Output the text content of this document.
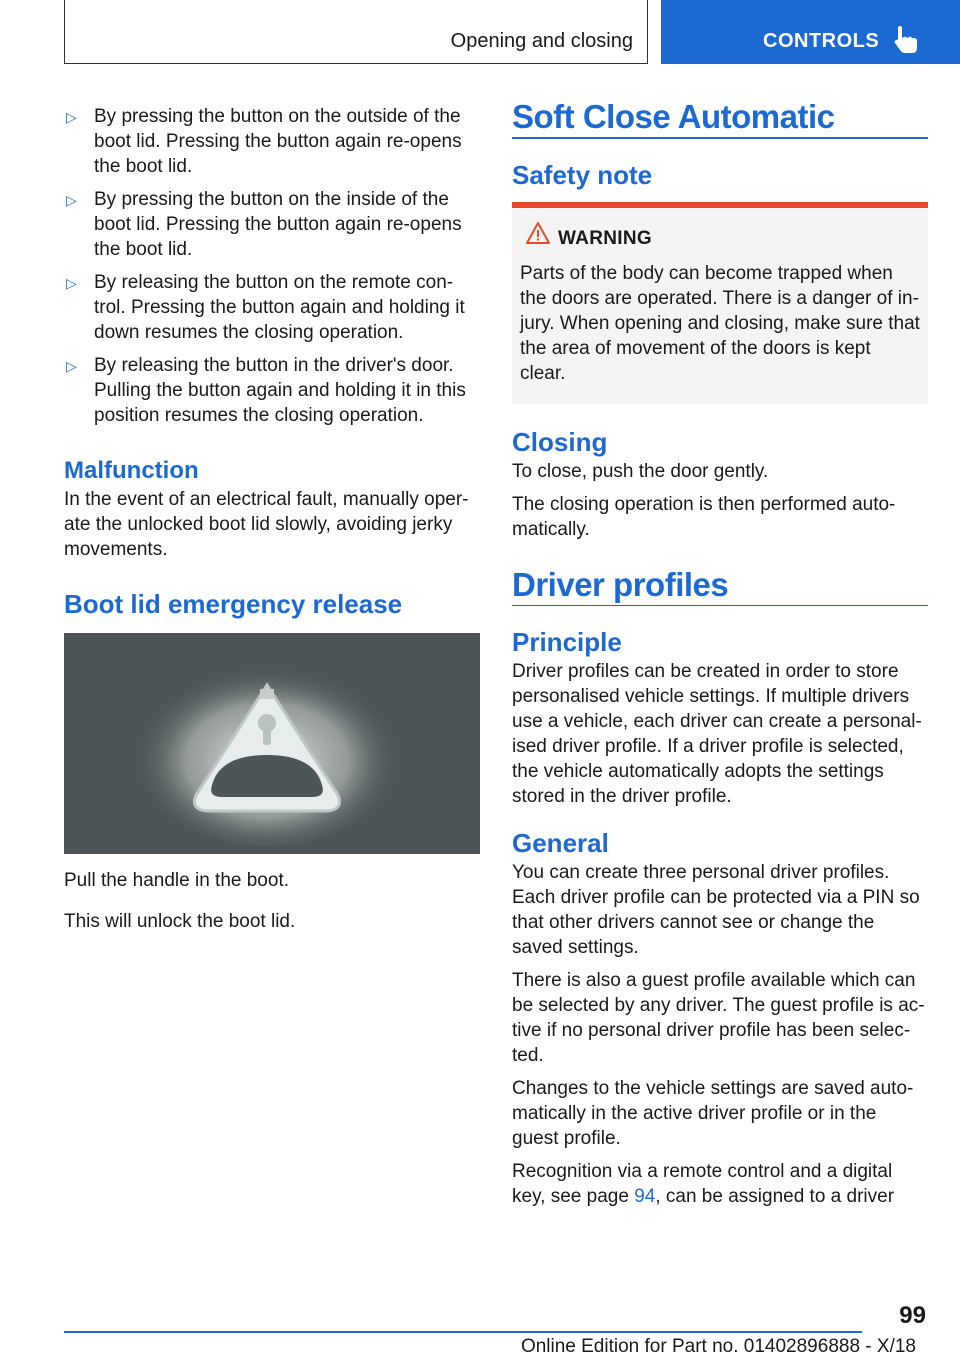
Opening and closing	CONTROLS
▷ By pressing the button on the outside of the boot lid. Pressing the button again re-opens the boot lid.
▷ By pressing the button on the inside of the boot lid. Pressing the button again re-opens the boot lid.
▷ By releasing the button on the remote con-trol. Pressing the button again and holding it down resumes the closing operation.
▷ By releasing the button in the driver's door. Pulling the button again and holding it in this position resumes the closing operation.
Malfunction

In the event of an electrical fault, manually oper-ate the unlocked boot lid slowly, avoiding jerky movements.

Boot lid emergency release

Pull the handle in the boot.

This will unlock the boot lid.

Soft Close Automatic
Safety note
WARNING

Parts of the body can become trapped when the doors are operated. There is a danger of in-jury. When opening and closing, make sure that the area of movement of the doors is kept clear.

Closing

To close, push the door gently.

The closing operation is then performed auto-matically.

Driver profiles
Principle

Driver profiles can be created in order to store personalised vehicle settings. If multiple drivers use a vehicle, each driver can create a personal-ised driver profile. If a driver profile is selected, the vehicle automatically adopts the settings stored in the driver profile.

General

You can create three personal driver profiles. Each driver profile can be protected via a PIN so that other drivers cannot see or change the saved settings.

There is also a guest profile available which can be selected by any driver. The guest profile is ac-tive if no personal driver profile has been selec-ted.

Changes to the vehicle settings are saved auto-matically in the active driver profile or in the guest profile.

Recognition via a remote control and a digital key, see page 94, can be assigned to a driver

99
Online Edition for Part no. 01402896888 - X/18
